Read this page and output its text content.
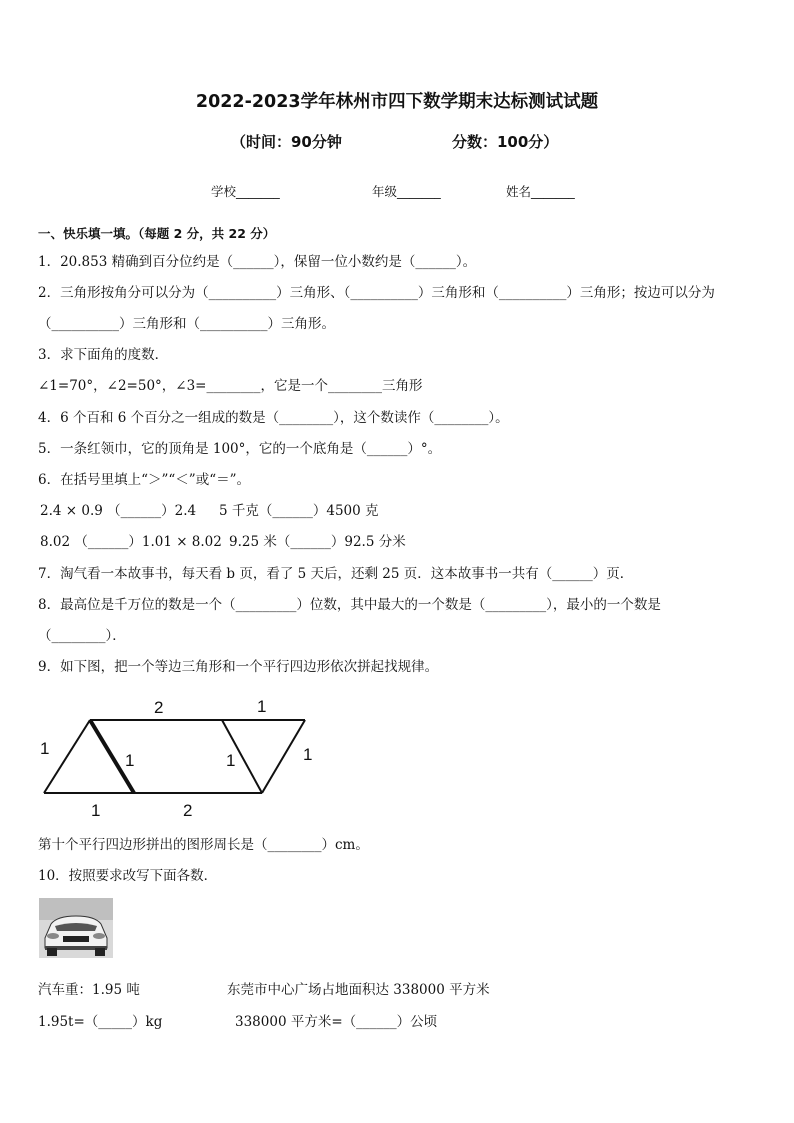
2022-2023学年林州市四下数学期末达标测试试题
（时间：90分钟	分数：100分）
学校_______	年级_______	姓名_______
一、快乐填一填。（每题 2 分，共 22 分）
1．20.853 精确到百分位约是（______），保留一位小数约是（______）。
2．三角形按角分可以分为（__________）三角形、（__________）三角形和（__________）三角形；按边可以分为
（__________）三角形和（__________）三角形。
3．求下面角的度数．
∠1=70°，∠2=50°，∠3=________，它是一个________三角形
4．6 个百和 6 个百分之一组成的数是（________），这个数读作（________）。
5．一条红领巾，它的顶角是 100°，它的一个底角是（______）°。
6．在括号里填上“＞”“＜”或“＝”。
2.4 × 0.9 （______）2.4 5 千克（______）4500 克
8.02 （______）1.01 × 8.02 9.25 米（______）92.5 分米
7．淘气看一本故事书，每天看 b 页，看了 5 天后，还剩 25 页．这本故事书一共有（______）页．
8．最高位是千万位的数是一个（_________）位数，其中最大的一个数是（_________），最小的一个数是
（________）．
9．如下图，把一个等边三角形和一个平行四边形依次拼起找规律。
1
2
1
1	2
1
1	1
第十个平行四边形拼出的图形周长是（________）cm。
10．按照要求改写下面各数．
汽车重：1.95 吨	东莞市中心广场占地面积达 338000 平方米
1.95t=（_____）kg	338000 平方米=（______）公顷
